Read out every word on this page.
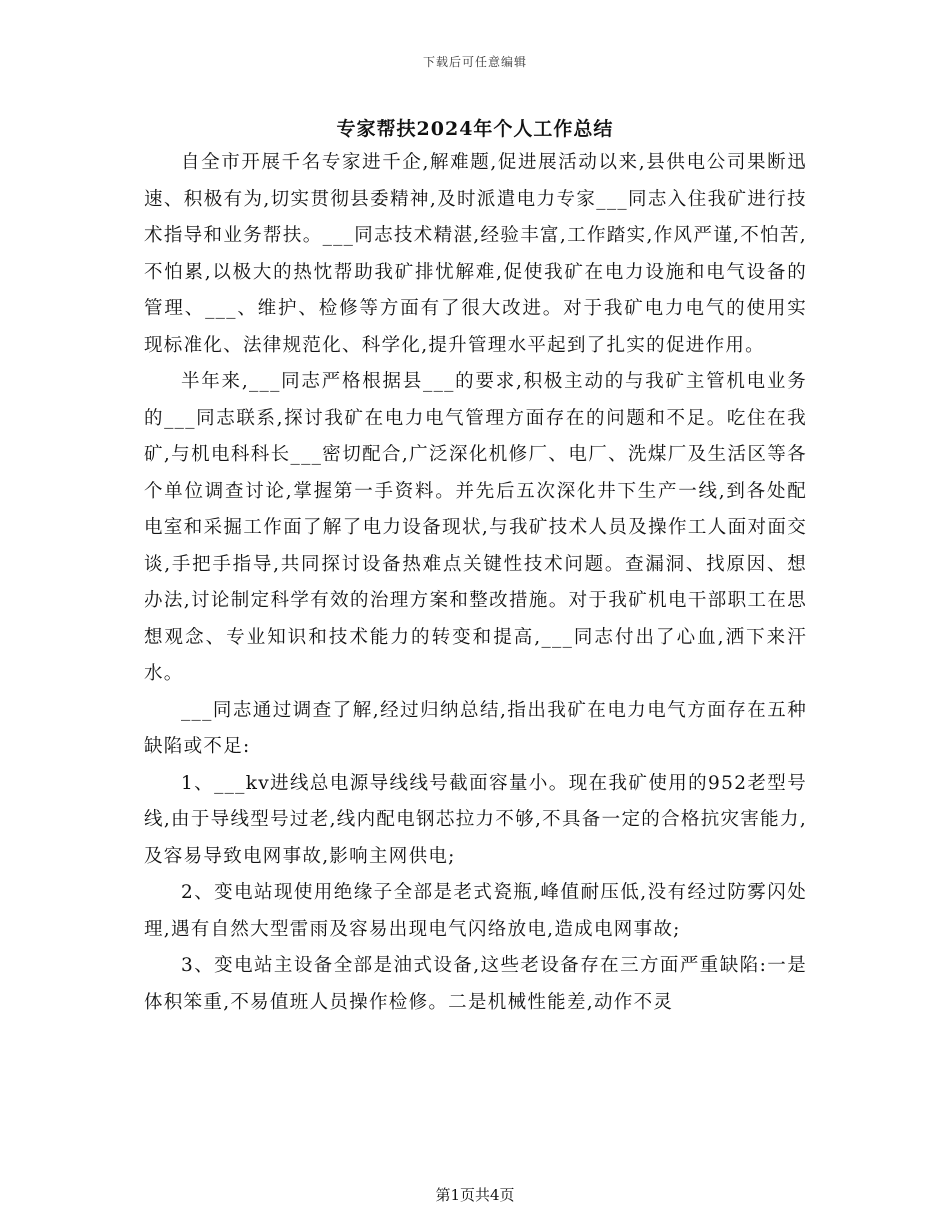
下载后可任意编辑
专家帮扶2024年个人工作总结

自全市开展千名专家进千企,解难题,促进展活动以来,县供电公司果断迅速、积极有为,切实贯彻县委精神,及时派遣电力专家___同志入住我矿进行技术指导和业务帮扶。___同志技术精湛,经验丰富,工作踏实,作风严谨,不怕苦,不怕累,以极大的热忱帮助我矿排忧解难,促使我矿在电力设施和电气设备的管理、___、维护、检修等方面有了很大改进。对于我矿电力电气的使用实现标准化、法律规范化、科学化,提升管理水平起到了扎实的促进作用。

半年来,___同志严格根据县___的要求,积极主动的与我矿主管机电业务的___同志联系,探讨我矿在电力电气管理方面存在的问题和不足。吃住在我矿,与机电科科长___密切配合,广泛深化机修厂、电厂、洗煤厂及生活区等各个单位调查讨论,掌握第一手资料。并先后五次深化井下生产一线,到各处配电室和采掘工作面了解了电力设备现状,与我矿技术人员及操作工人面对面交谈,手把手指导,共同探讨设备热难点关键性技术问题。查漏洞、找原因、想办法,讨论制定科学有效的治理方案和整改措施。对于我矿机电干部职工在思想观念、专业知识和技术能力的转变和提高,___同志付出了心血,洒下来汗水。

___同志通过调查了解,经过归纳总结,指出我矿在电力电气方面存在五种缺陷或不足:

1、___kv进线总电源导线线号截面容量小。现在我矿使用的952老型号线,由于导线型号过老,线内配电钢芯拉力不够,不具备一定的合格抗灾害能力,及容易导致电网事故,影响主网供电;

2、变电站现使用绝缘子全部是老式瓷瓶,峰值耐压低,没有经过防雾闪处理,遇有自然大型雷雨及容易出现电气闪络放电,造成电网事故;

3、变电站主设备全部是油式设备,这些老设备存在三方面严重缺陷:一是体积笨重,不易值班人员操作检修。二是机械性能差,动作不灵

第1页共4页
